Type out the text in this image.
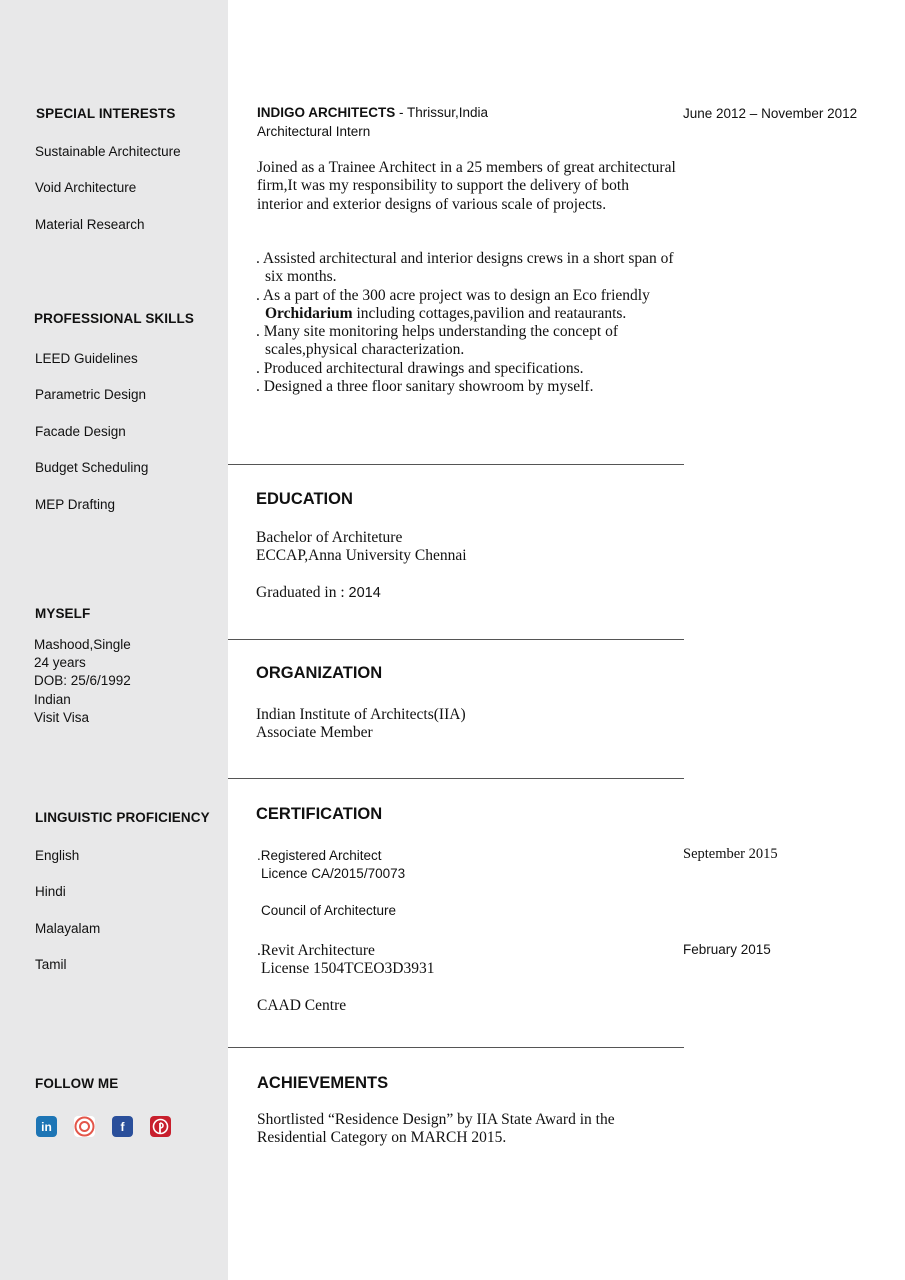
SPECIAL INTERESTS
Sustainable Architecture
Void Architecture
Material Research
PROFESSIONAL SKILLS
LEED Guidelines
Parametric Design
Facade Design
Budget Scheduling
MEP Drafting
MYSELF
Mashood,Single
24 years
DOB: 25/6/1992
Indian
Visit Visa
LINGUISTIC PROFICIENCY
English
Hindi
Malayalam
Tamil
FOLLOW ME
in	f
INDIGO ARCHITECTS - Thrissur,India
Architectural Intern
June 2012 – November 2012
Joined as a Trainee Architect in a 25 members of great architectural firm,It was my responsibility to support the delivery of both interior and exterior designs of various scale of projects.
. Assisted architectural and interior designs crews in a short span of six months.
. As a part of the 300 acre project was to design an Eco friendly Orchidarium including cottages,pavilion and reataurants.
. Many site monitoring helps understanding the concept of scales,physical characterization.
. Produced architectural drawings and specifications.
. Designed a three floor sanitary showroom by myself.
EDUCATION
Bachelor of Architeture
ECCAP,Anna University Chennai
Graduated in : 2014
ORGANIZATION
Indian Institute of Architects(IIA)
Associate Member
CERTIFICATION
.Registered Architect
Licence CA/2015/70073
Council of Architecture
September 2015
.Revit Architecture
License 1504TCEO3D3931
CAAD Centre
February 2015
ACHIEVEMENTS
Shortlisted “Residence Design” by IIA State Award in the Residential Category on MARCH 2015.
